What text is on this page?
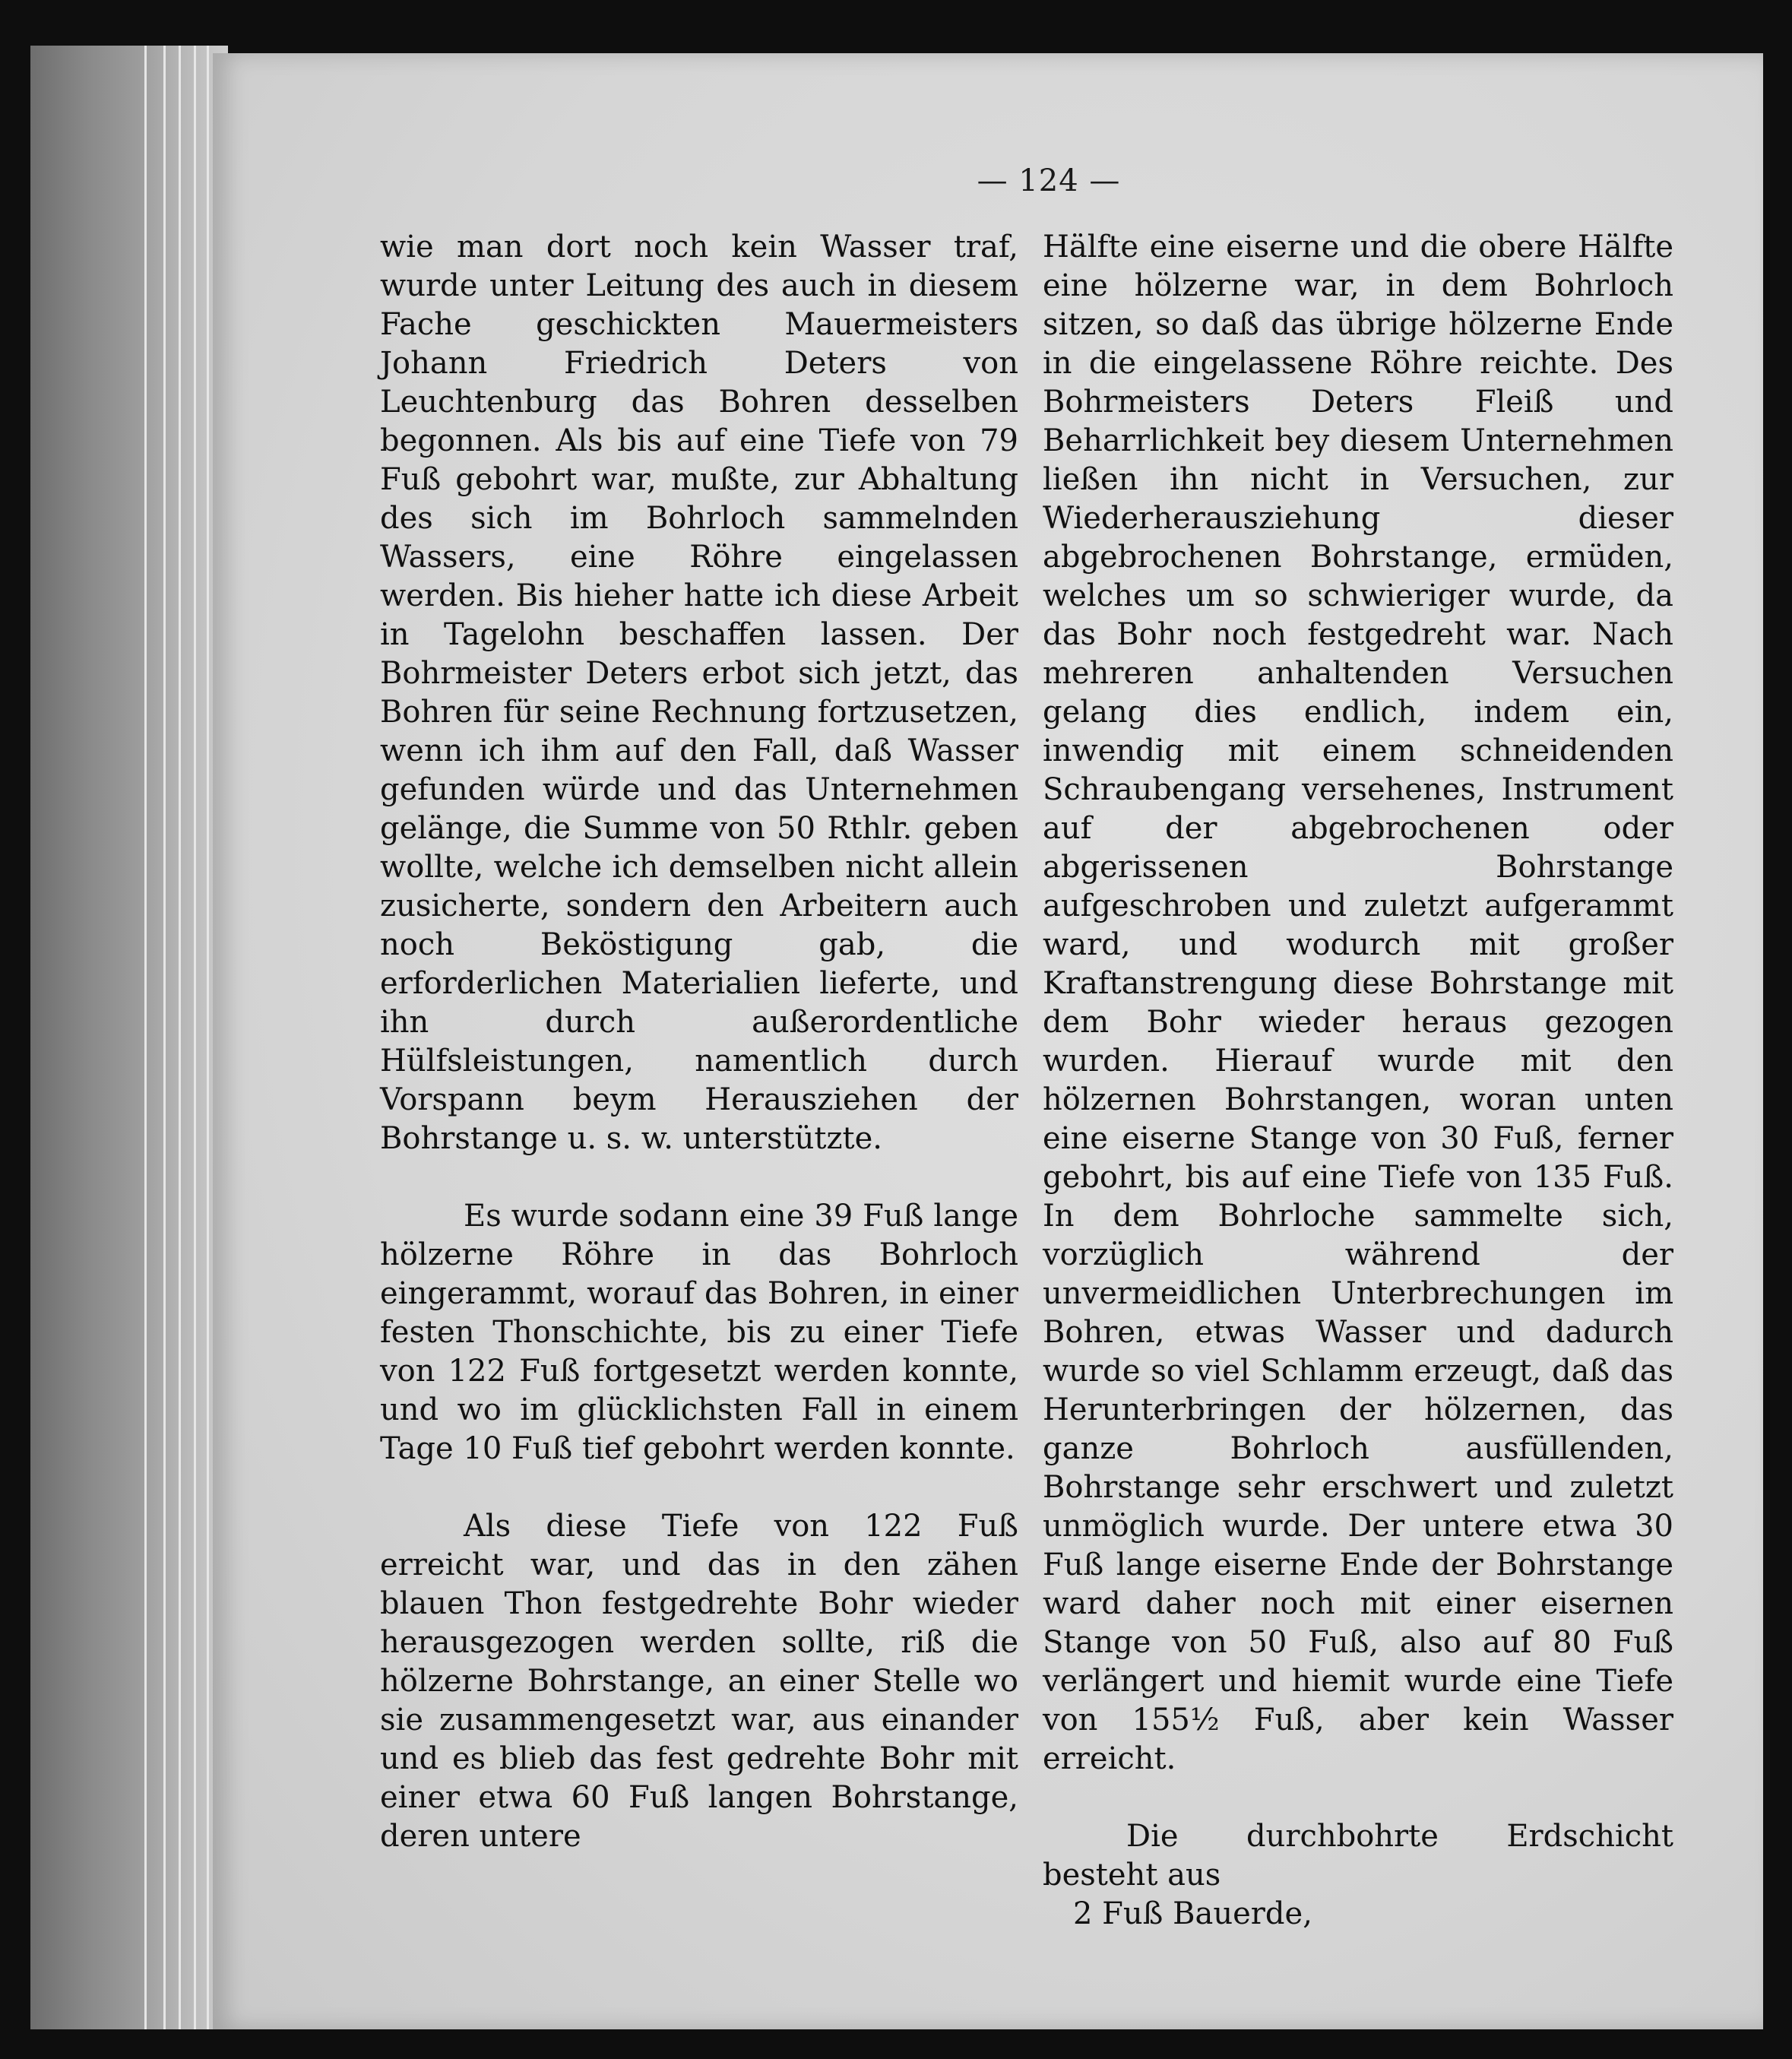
— 124 —

wie man dort noch kein Wasser traf, wurde unter Leitung des auch in diesem Fache geschickten Mauermeisters Johann Friedrich Deters von Leuchtenburg das Bohren desselben begonnen. Als bis auf eine Tiefe von 79 Fuß gebohrt war, mußte, zur Abhaltung des sich im Bohrloch sammelnden Wassers, eine Röhre eingelassen werden. Bis hieher hatte ich diese Arbeit in Tagelohn beschaffen lassen. Der Bohrmeister Deters erbot sich jetzt, das Bohren für seine Rechnung fortzusetzen, wenn ich ihm auf den Fall, daß Wasser gefunden würde und das Unternehmen gelänge, die Summe von 50 Rthlr. geben wollte, welche ich demselben nicht allein zusicherte, sondern den Arbeitern auch noch Beköstigung gab, die erforderlichen Materialien lieferte, und ihn durch außerordentliche Hülfsleistungen, namentlich durch Vorspann beym Herausziehen der Bohrstange u. s. w. unterstützte.

Es wurde sodann eine 39 Fuß lange hölzerne Röhre in das Bohrloch eingerammt, worauf das Bohren, in einer festen Thonschichte, bis zu einer Tiefe von 122 Fuß fortgesetzt werden konnte, und wo im glücklichsten Fall in einem Tage 10 Fuß tief gebohrt werden konnte.

Als diese Tiefe von 122 Fuß erreicht war, und das in den zähen blauen Thon festgedrehte Bohr wieder herausgezogen werden sollte, riß die hölzerne Bohrstange, an einer Stelle wo sie zusammengesetzt war, aus einander und es blieb das fest gedrehte Bohr mit einer etwa 60 Fuß langen Bohrstange, deren untere

Hälfte eine eiserne und die obere Hälfte eine hölzerne war, in dem Bohrloch sitzen, so daß das übrige hölzerne Ende in die eingelassene Röhre reichte. Des Bohrmeisters Deters Fleiß und Beharrlichkeit bey diesem Unternehmen ließen ihn nicht in Versuchen, zur Wiederherausziehung dieser abgebrochenen Bohrstange, ermüden, welches um so schwieriger wurde, da das Bohr noch festgedreht war. Nach mehreren anhaltenden Versuchen gelang dies endlich, indem ein, inwendig mit einem schneidenden Schraubengang versehenes, Instrument auf der abgebrochenen oder abgerissenen Bohrstange aufgeschroben und zuletzt aufgerammt ward, und wodurch mit großer Kraftanstrengung diese Bohrstange mit dem Bohr wieder heraus gezogen wurden. Hierauf wurde mit den hölzernen Bohrstangen, woran unten eine eiserne Stange von 30 Fuß, ferner gebohrt, bis auf eine Tiefe von 135 Fuß. In dem Bohrloche sammelte sich, vorzüglich während der unvermeidlichen Unterbrechungen im Bohren, etwas Wasser und dadurch wurde so viel Schlamm erzeugt, daß das Herunterbringen der hölzernen, das ganze Bohrloch ausfüllenden, Bohrstange sehr erschwert und zuletzt unmöglich wurde. Der untere etwa 30 Fuß lange eiserne Ende der Bohrstange ward daher noch mit einer eisernen Stange von 50 Fuß, also auf 80 Fuß verlängert und hiemit wurde eine Tiefe von 155½ Fuß, aber kein Wasser erreicht.

Die durchbohrte Erdschicht besteht aus

2 Fuß Bauerde,
